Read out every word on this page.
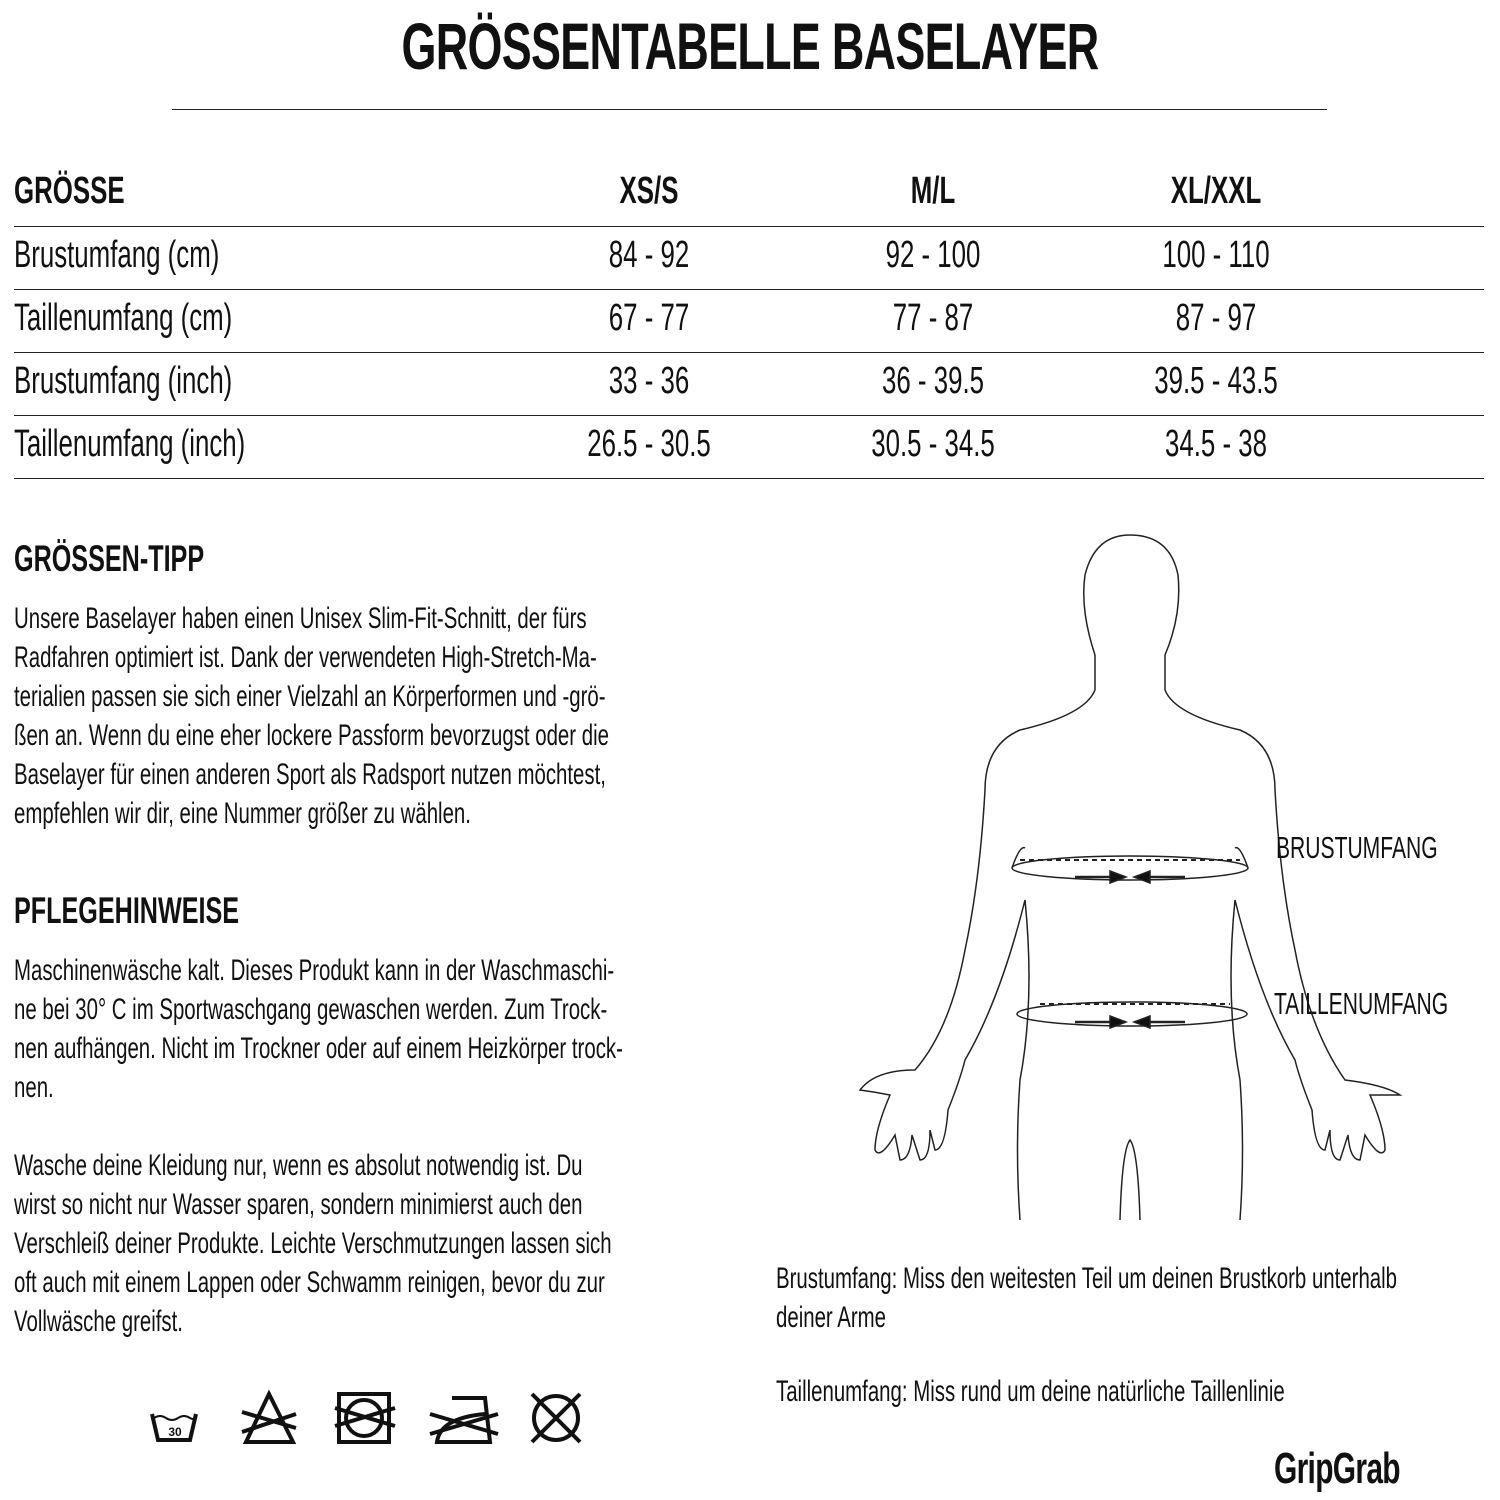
GRÖSSENTABELLE BASELAYER
GRÖSSE	XS/S	M/L	XL/XXL
Brustumfang (cm)	84 - 92	92 - 100	100 - 110
Taillenumfang (cm)	67 - 77	77 - 87	87 - 97
Brustumfang (inch)	33 - 36	36 - 39.5	39.5 - 43.5
Taillenumfang (inch)	26.5 - 30.5	30.5 - 34.5	34.5 - 38
GRÖSSEN-TIPP
Unsere Baselayer haben einen Unisex Slim-Fit-Schnitt, der fürs
Radfahren optimiert ist. Dank der verwendeten High-Stretch-Ma-
terialien passen sie sich einer Vielzahl an Körperformen und -grö-
ßen an. Wenn du eine eher lockere Passform bevorzugst oder die
Baselayer für einen anderen Sport als Radsport nutzen möchtest,
empfehlen wir dir, eine Nummer größer zu wählen.
PFLEGEHINWEISE
Maschinenwäsche kalt. Dieses Produkt kann in der Waschmaschi-
ne bei 30° C im Sportwaschgang gewaschen werden. Zum Trock-
nen aufhängen. Nicht im Trockner oder auf einem Heizkörper trock-
nen.
Wasche deine Kleidung nur, wenn es absolut notwendig ist. Du
wirst so nicht nur Wasser sparen, sondern minimierst auch den
Verschleiß deiner Produkte. Leichte Verschmutzungen lassen sich
oft auch mit einem Lappen oder Schwamm reinigen, bevor du zur
Vollwäsche greifst.
30
BRUSTUMFANG
TAILLENUMFANG
Brustumfang: Miss den weitesten Teil um deinen Brustkorb unterhalb
deiner Arme
Taillenumfang: Miss rund um deine natürliche Taillenlinie
GripGrab
